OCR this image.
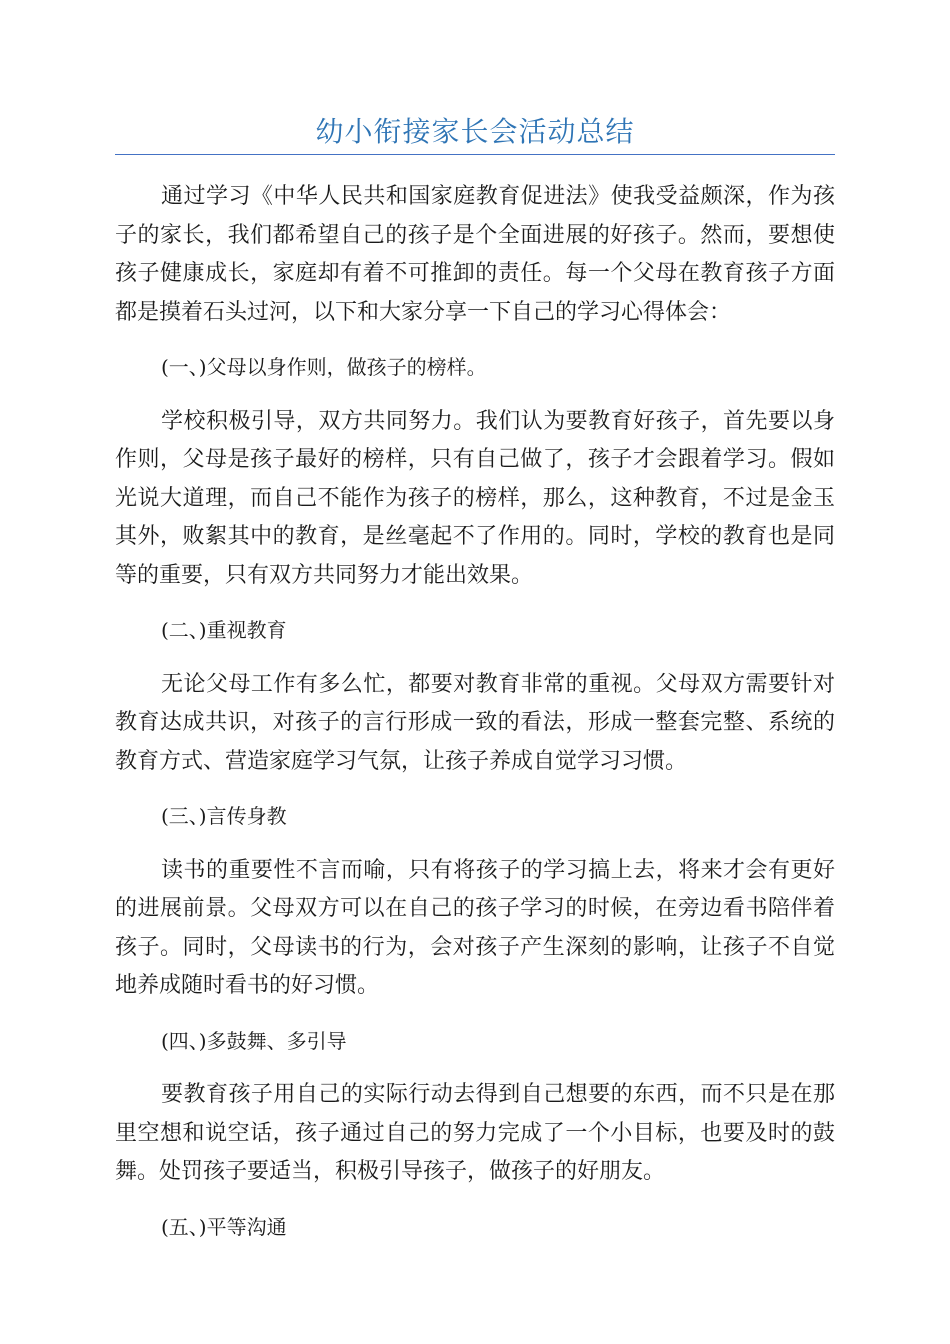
幼小衔接家长会活动总结

通过学习《中华人民共和国家庭教育促进法》使我受益颇深，作为孩子的家长，我们都希望自己的孩子是个全面进展的好孩子。然而，要想使孩子健康成长，家庭却有着不可推卸的责任。每一个父母在教育孩子方面都是摸着石头过河，以下和大家分享一下自己的学习心得体会：

(一、)父母以身作则，做孩子的榜样。

学校积极引导，双方共同努力。我们认为要教育好孩子，首先要以身作则，父母是孩子最好的榜样，只有自己做了，孩子才会跟着学习。假如光说大道理，而自己不能作为孩子的榜样，那么，这种教育，不过是金玉其外，败絮其中的教育，是丝毫起不了作用的。同时，学校的教育也是同等的重要，只有双方共同努力才能出效果。

(二、)重视教育

无论父母工作有多么忙，都要对教育非常的重视。父母双方需要针对教育达成共识，对孩子的言行形成一致的看法，形成一整套完整、系统的教育方式、营造家庭学习气氛，让孩子养成自觉学习习惯。

(三、)言传身教

读书的重要性不言而喻，只有将孩子的学习搞上去，将来才会有更好的进展前景。父母双方可以在自己的孩子学习的时候，在旁边看书陪伴着孩子。同时，父母读书的行为，会对孩子产生深刻的影响，让孩子不自觉地养成随时看书的好习惯。

(四、)多鼓舞、多引导

要教育孩子用自己的实际行动去得到自己想要的东西，而不只是在那里空想和说空话，孩子通过自己的努力完成了一个小目标，也要及时的鼓舞。处罚孩子要适当，积极引导孩子，做孩子的好朋友。

(五、)平等沟通
